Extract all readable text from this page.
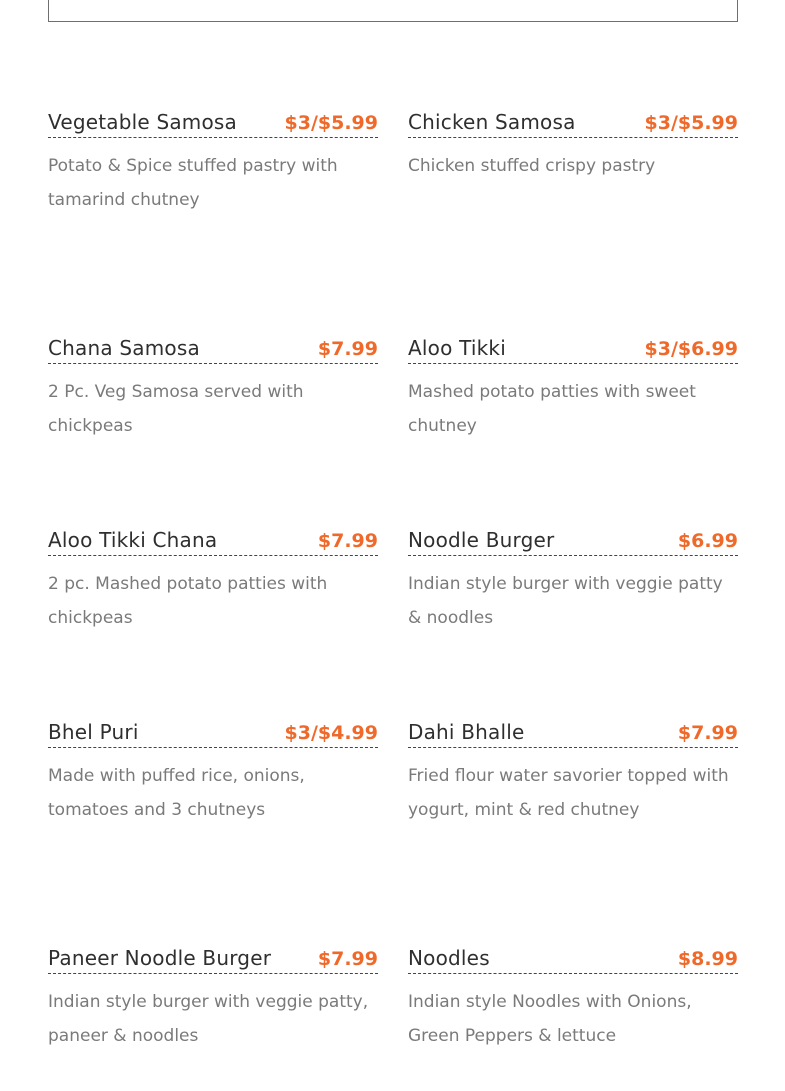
Vegetable Samosa	$3/$5.99
Potato & Spice stuffed pastry with tamarind chutney
Chicken Samosa	$3/$5.99
Chicken stuffed crispy pastry
Chana Samosa	$7.99
2 Pc. Veg Samosa served with chickpeas
Aloo Tikki	$3/$6.99
Mashed potato patties with sweet chutney
Aloo Tikki Chana	$7.99
2 pc. Mashed potato patties with chickpeas
Noodle Burger	$6.99
Indian style burger with veggie patty & noodles
Bhel Puri	$3/$4.99
Made with puffed rice, onions, tomatoes and 3 chutneys
Dahi Bhalle	$7.99
Fried flour water savorier topped with yogurt, mint & red chutney
Paneer Noodle Burger $7.99
Indian style burger with veggie patty, paneer & noodles
Noodles	$8.99
Indian style Noodles with Onions, Green Peppers & lettuce
